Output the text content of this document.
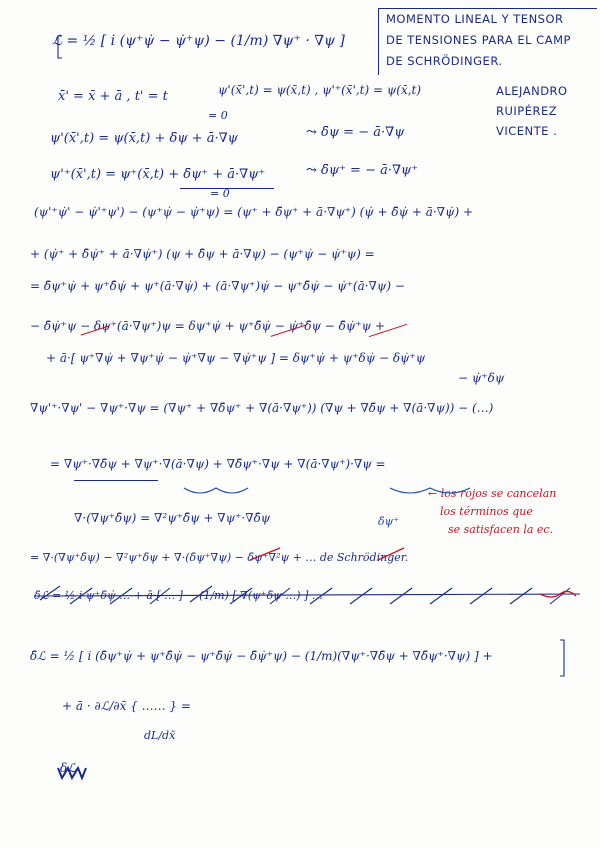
MOMENTO LINEAL Y TENSOR
DE TENSIONES PARA EL CAMP
DE SCHRÖDINGER.
ALEJANDRO
RUIPÉREZ
VICENTE .
ℒ = ½ [ i (ψ⁺ψ̇ − ψ̇⁺ψ) − (1/m) ∇ψ⁺ · ∇ψ ]
x̄' = x̄ + ā , t' = t	ψ'(x̄',t) = ψ(x̄,t) , ψ'⁺(x̄',t) = ψ(x̄,t)
= 0
ψ'(x̄',t) = ψ(x̄,t) + δ̄ψ + ā·∇ψ	⤳ δ̄ψ = − ā·∇ψ
ψ'⁺(x̄',t) = ψ⁺(x̄,t) + δ̄ψ⁺ + ā·∇ψ⁺	⤳ δ̄ψ⁺ = − ā·∇ψ⁺
= 0
(ψ'⁺ψ̇' − ψ̇'⁺ψ') − (ψ⁺ψ̇ − ψ̇⁺ψ) = (ψ⁺ + δ̄ψ⁺ + ā·∇ψ⁺) (ψ̇ + δ̄ψ̇ + ā·∇ψ̇) +
+ (ψ̇⁺ + δ̄ψ̇⁺ + ā·∇ψ̇⁺) (ψ + δ̄ψ + ā·∇ψ) − (ψ⁺ψ̇ − ψ̇⁺ψ) =
= δ̄ψ⁺ψ̇ + ψ⁺δ̄ψ̇ + ψ⁺(ā·∇ψ̇) + (ā·∇ψ⁺)ψ̇ − ψ⁺δ̄ψ̇ − ψ̇⁺(ā·∇ψ) −
− δ̄ψ̇⁺ψ − δψ⁺(ā·∇ψ⁺)ψ = δψ⁺ψ̇ + ψ⁺δ̄ψ̇ − ψ̇⁺δ̄ψ − δ̄ψ̇⁺ψ +
+ ā·[ ψ⁺∇ψ̇ + ∇ψ⁺ψ̇ − ψ̇⁺∇ψ − ∇ψ̇⁺ψ ] = δψ⁺ψ̇ + ψ⁺δψ̇ − δψ̇⁺ψ
− ψ̇⁺δψ
∇ψ'⁺·∇ψ' − ∇ψ⁺·∇ψ = (∇ψ⁺ + ∇δ̄ψ⁺ + ∇(ā·∇ψ⁺)) (∇ψ + ∇δ̄ψ + ∇(ā·∇ψ)) − (…)
= ∇ψ⁺·∇δ̄ψ + ∇ψ⁺·∇(ā·∇ψ) + ∇δ̄ψ⁺·∇ψ + ∇(ā·∇ψ⁺)·∇ψ =
∇·(∇ψ⁺δ̄ψ) = ∇²ψ⁺δ̄ψ + ∇ψ⁺·∇δ̄ψ
= ∇·(∇ψ⁺δ̄ψ) − ∇²ψ⁺δ̄ψ + ∇·(δ̄ψ⁺∇ψ) − δ̄ψ⁺∇²ψ + … de Schrödinger.
δ̄ψ⁺
← los rojos se cancelan
los términos que
se satisfacen la ec.
δ̄ℒ = ½ i ψ⁺δ̄ψ̇ … + ā·[ … ] − (1/m) [ ∇(ψ⁺δ̄ψ …) ] …
δ̄ℒ = ½ [ i (δ̄ψ⁺ψ̇ + ψ⁺δ̄ψ̇ − ψ⁺δ̄ψ̇ − δ̄ψ̇⁺ψ) − (1/m)(∇ψ⁺·∇δ̄ψ + ∇δ̄ψ⁺·∇ψ) ] +
+ ā · ∂ℒ/∂x̄ { …… } =
dL/dx̄
δℒ
